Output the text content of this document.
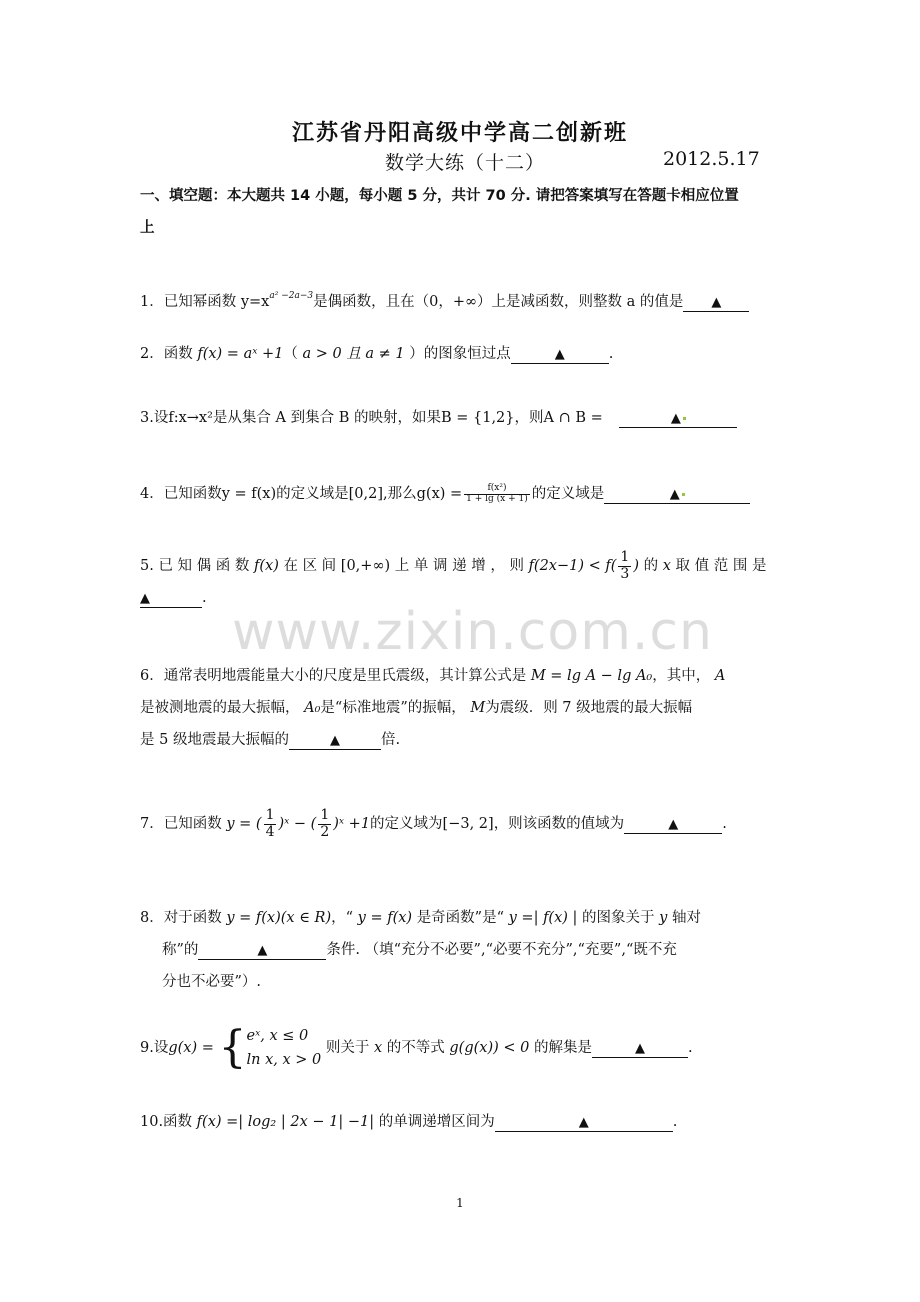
www.zixin.com.cn
江苏省丹阳高级中学高二创新班
数学大练（十二）	2012.5.17
一、填空题：本大题共 14 小题，每小题 5 分，共计 70 分. 请把答案填写在答题卡相应位置
上
1．已知幂函数 $y=x^{a^2 -2a-3}$是偶函数，且在（0，+∞）上是减函数，则整数 a 的值是 ▲
2．函数 f(x) = aˣ +1（ a > 0 且 a ≠ 1 ）的图象恒过点	▲	.
3.设f:x→x²是从集合 A 到集合 B 的映射，如果B = {1,2}，则A ∩ B =	▲
4．已知函数y = f(x)的定义域是[0,2],那么$g(x) = \frac{\text{f(x²)}}{1 + \lg (x + 1)}$ 的定义域是	▲
5. 已 知 偶 函 数 f(x) 在 区 间 [0,+∞) 上 单 调 递 增 ， 则 $f(2x-1) < f( \frac{1}{3}$ ) 的 x 取 值 范 围 是
▲	.
6．通常表明地震能量大小的尺度是里氏震级，其计算公式是 M = lg A − lg A₀，其中， A
是被测地震的最大振幅， A₀是“标准地震”的振幅， M为震级．则 7 级地震的最大振幅
是 5 级地震最大振幅的	▲	倍.
7．已知函数 y = ( $\frac{1}{4}$ )ˣ − ( $\frac{1}{2}$ )ˣ +1的定义域为[−3, 2]，则该函数的值域为	▲	.
8．对于函数 y = f(x)(x ∈ R)，“ y = f(x) 是奇函数”是“ y =| f(x) | 的图象关于 y 轴对
称”的	▲	条件. （填“充分不必要”,“必要不充分”,“充要”,“既不充
分也不必要”）.
9.设g(x) = {eˣ, x ≤ 0
ln x, x > 0 则关于 x 的不等式 g(g(x)) < 0 的解集是	▲	.
10.函数 f(x) =| log₂ | 2x − 1| −1| 的单调递增区间为	▲	.
1
